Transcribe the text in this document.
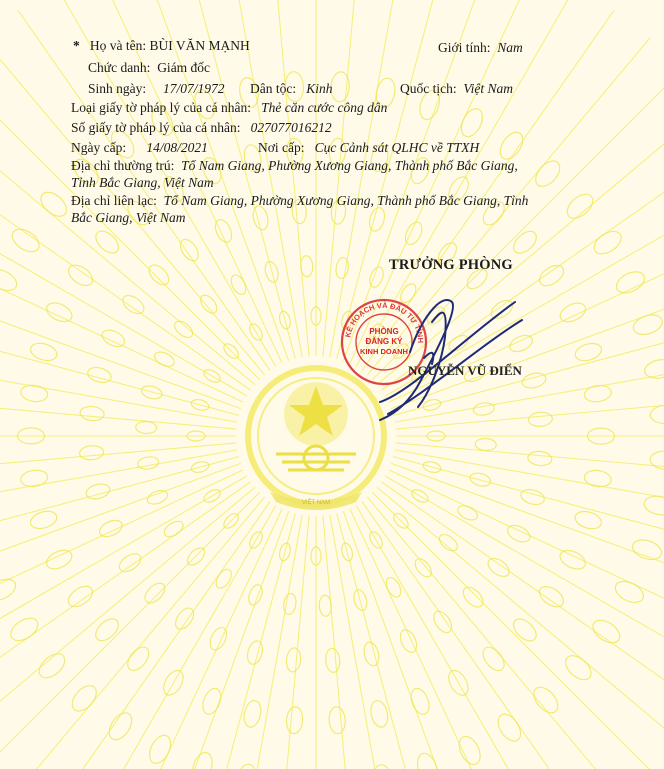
VIỆT NAM
* Họ và tên: BÙI VĂN MẠNH	Giới tính: Nam
Chức danh: Giám đốc
Sinh ngày: 17/07/1972 Dân tộc: Kinh	Quốc tịch: Việt Nam
Loại giấy tờ pháp lý của cá nhân: Thẻ căn cước công dân
Số giấy tờ pháp lý của cá nhân: 027077016212
Ngày cấp: 14/08/2021	Nơi cấp: Cục Cảnh sát QLHC về TTXH
Địa chỉ thường trú: Tổ Nam Giang, Phường Xương Giang, Thành phố Bắc Giang,
Tỉnh Bắc Giang, Việt Nam
Địa chỉ liên lạc: Tổ Nam Giang, Phường Xương Giang, Thành phố Bắc Giang, Tỉnh
Bắc Giang, Việt Nam
TRƯỞNG PHÒNG
KẾ HOẠCH VÀ ĐẦU TƯ TỈNH
PHÒNG
ĐĂNG KÝ
KINH DOANH
NGUYỄN VŨ ĐIỂN
